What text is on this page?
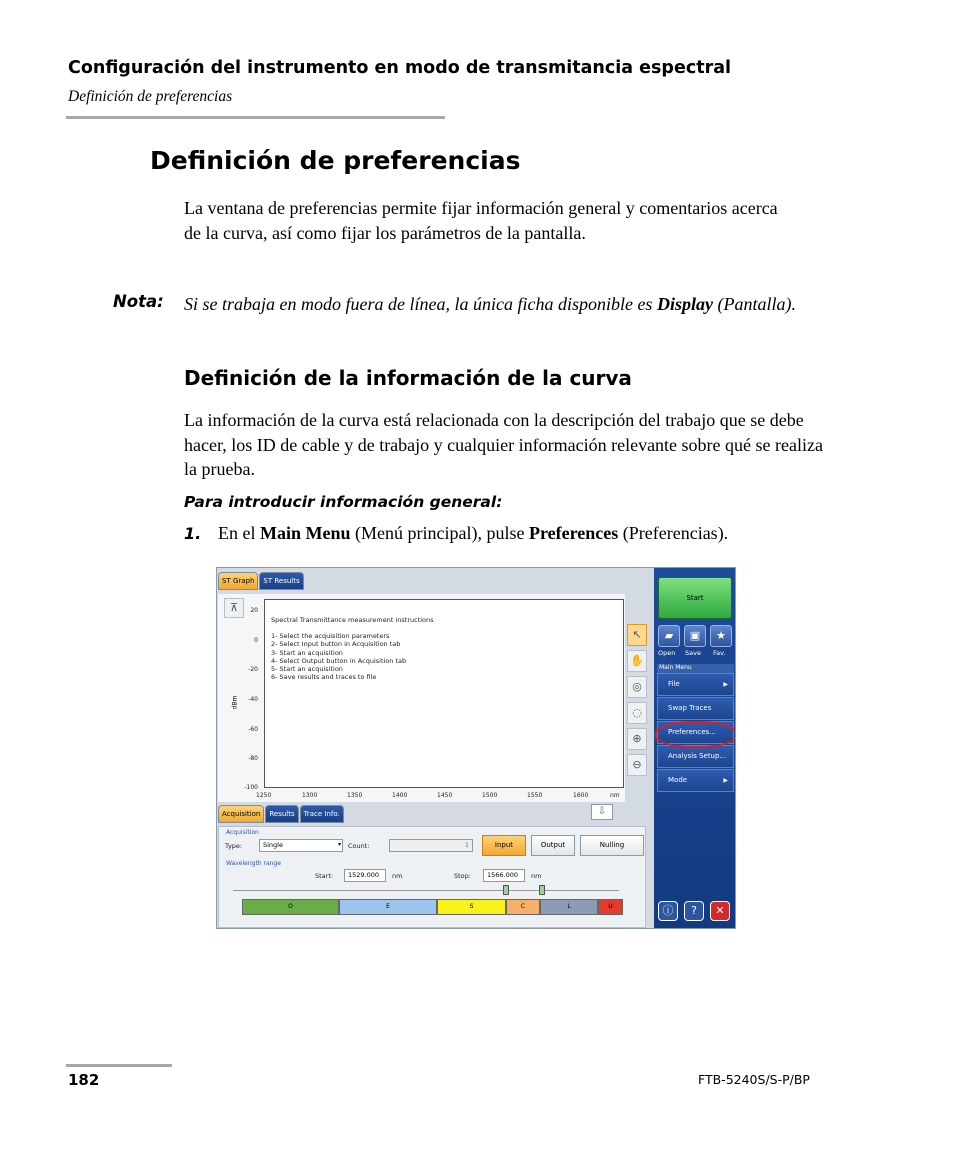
Configuración del instrumento en modo de transmitancia espectral
Definición de preferencias
Definición de preferencias
La ventana de preferencias permite fijar información general y comentarios acerca de la curva, así como fijar los parámetros de la pantalla.
Nota: Si se trabaja en modo fuera de línea, la única ficha disponible es Display (Pantalla).
Definición de la información de la curva
La información de la curva está relacionada con la descripción del trabajo que se debe hacer, los ID de cable y de trabajo y cualquier información relevante sobre qué se realiza la prueba.
Para introducir información general:
1. En el Main Menu (Menú principal), pulse Preferences (Preferencias).
ST Graph	ST Results
⊼
dBm
20
0
-20
-40
-60
-80
-100
Spectral Transmittance measurement instructions
1- Select the acquisition parameters
2- Select Input button in Acquisition tab
3- Start an acquisition
4- Select Output button in Acquisition tab
5- Start an acquisition
6- Save results and traces to file
1250	1300	1350	1400	1450	1500	1550	1600	nm
↖
✋
◎
◌
⊕
⊖
Acquisition	Results	Trace Info.	⇩
Acquisition
Type:	Single	▾ Count:	1	Input	Output	Nulling
Wavelength range
Start:	1529.000	nm	Stop:	1566.000	nm
O	E	S	C	L	U
Start
▰	▣	★
Open Save Fav.
Main Menu
File	▶
Swap Traces
Preferences...
Analysis Setup...
Mode	▶
ⓘ	?	✕
182	FTB-5240S/S-P/BP
